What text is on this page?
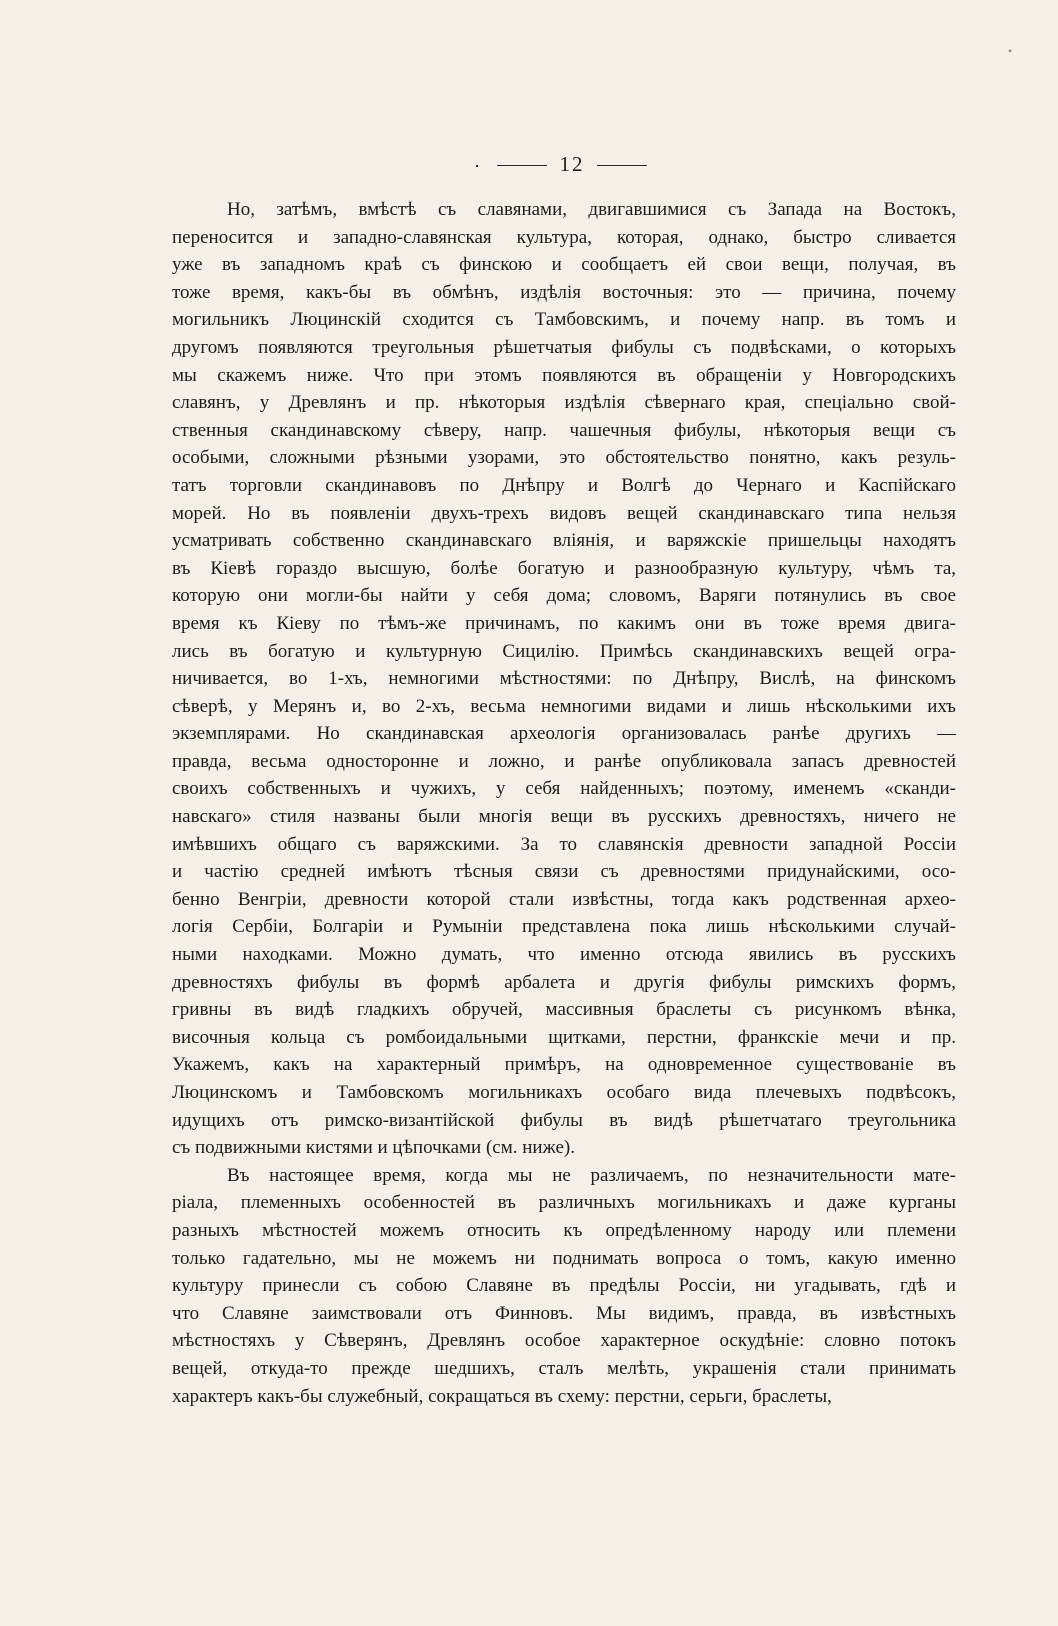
12
Но, затѣмъ, вмѣстѣ съ славянами, двигавшимися съ Запада на Востокъ,
переносится и западно-славянская культура, которая, однако, быстро сливается
уже въ западномъ краѣ съ финскою и сообщаетъ ей свои вещи, получая, въ
тоже время, какъ-бы въ обмѣнъ, издѣлія восточныя: это — причина, почему
могильникъ Люцинскій сходится съ Тамбовскимъ, и почему напр. въ томъ и
другомъ появляются треугольныя рѣшетчатыя фибулы съ подвѣсками, о которыхъ
мы скажемъ ниже. Что при этомъ появляются въ обращеніи у Новгородскихъ
славянъ, у Древлянъ и пр. нѣкоторыя издѣлія сѣвернаго края, спеціально свой-
ственныя скандинавскому сѣверу, напр. чашечныя фибулы, нѣкоторыя вещи съ
особыми, сложными рѣзными узорами, это обстоятельство понятно, какъ резуль-
татъ торговли скандинавовъ по Днѣпру и Волгѣ до Чернаго и Каспійскаго
морей. Но въ появленіи двухъ-трехъ видовъ вещей скандинавскаго типа нельзя
усматривать собственно скандинавскаго вліянія, и варяжскіе пришельцы находятъ
въ Кіевѣ гораздо высшую, болѣе богатую и разнообразную культуру, чѣмъ та,
которую они могли-бы найти у себя дома; словомъ, Варяги потянулись въ свое
время къ Кіеву по тѣмъ-же причинамъ, по какимъ они въ тоже время двига-
лись въ богатую и культурную Сицилію. Примѣсь скандинавскихъ вещей огра-
ничивается, во 1-хъ, немногими мѣстностями: по Днѣпру, Вислѣ, на финскомъ
сѣверѣ, у Мерянъ и, во 2-хъ, весьма немногими видами и лишь нѣсколькими ихъ
экземплярами. Но скандинавская археологія организовалась ранѣе другихъ —
правда, весьма односторонне и ложно, и ранѣе опубликовала запасъ древностей
своихъ собственныхъ и чужихъ, у себя найденныхъ; поэтому, именемъ «сканди-
навскаго» стиля названы были многія вещи въ русскихъ древностяхъ, ничего не
имѣвшихъ общаго съ варяжскими. За то славянскія древности западной Россіи
и частію средней имѣютъ тѣсныя связи съ древностями придунайскими, осо-
бенно Венгріи, древности которой стали извѣстны, тогда какъ родственная археo-
логія Сербіи, Болгаріи и Румыніи представлена пока лишь нѣсколькими случай-
ными находками. Можно думать, что именно отсюда явились въ русскихъ
древностяхъ фибулы въ формѣ арбалета и другія фибулы римскихъ формъ,
гривны въ видѣ гладкихъ обручей, массивныя браслеты съ рисункомъ вѣнка,
височныя кольца съ ромбоидальными щитками, перстни, франкскіе мечи и пр.
Укажемъ, какъ на характерный примѣръ, на одновременное существованіе въ
Люцинскомъ и Тамбовскомъ могильникахъ особаго вида плечевыхъ подвѣсокъ,
идущихъ отъ римско-византійской фибулы въ видѣ рѣшетчатаго треугольника
съ подвижными кистями и цѣпочками (см. ниже).
Въ настоящее время, когда мы не различаемъ, по незначительности мате-
ріала, племенныхъ особенностей въ различныхъ могильникахъ и даже курганы
разныхъ мѣстностей можемъ относить къ опредѣленному народу или племени
только гадательно, мы не можемъ ни поднимать вопроса о томъ, какую именно
культуру принесли съ собою Славяне въ предѣлы Россіи, ни угадывать, гдѣ и
что Славяне заимствовали отъ Финновъ. Мы видимъ, правда, въ извѣстныхъ
мѣстностяхъ у Сѣверянъ, Древлянъ особое характерное оскудѣніе: словно потокъ
вещей, откуда-то прежде шедшихъ, сталъ мелѣть, украшенія стали принимать
характеръ какъ-бы служебный, сокращаться въ схему: перстни, серьги, браслеты,
•
